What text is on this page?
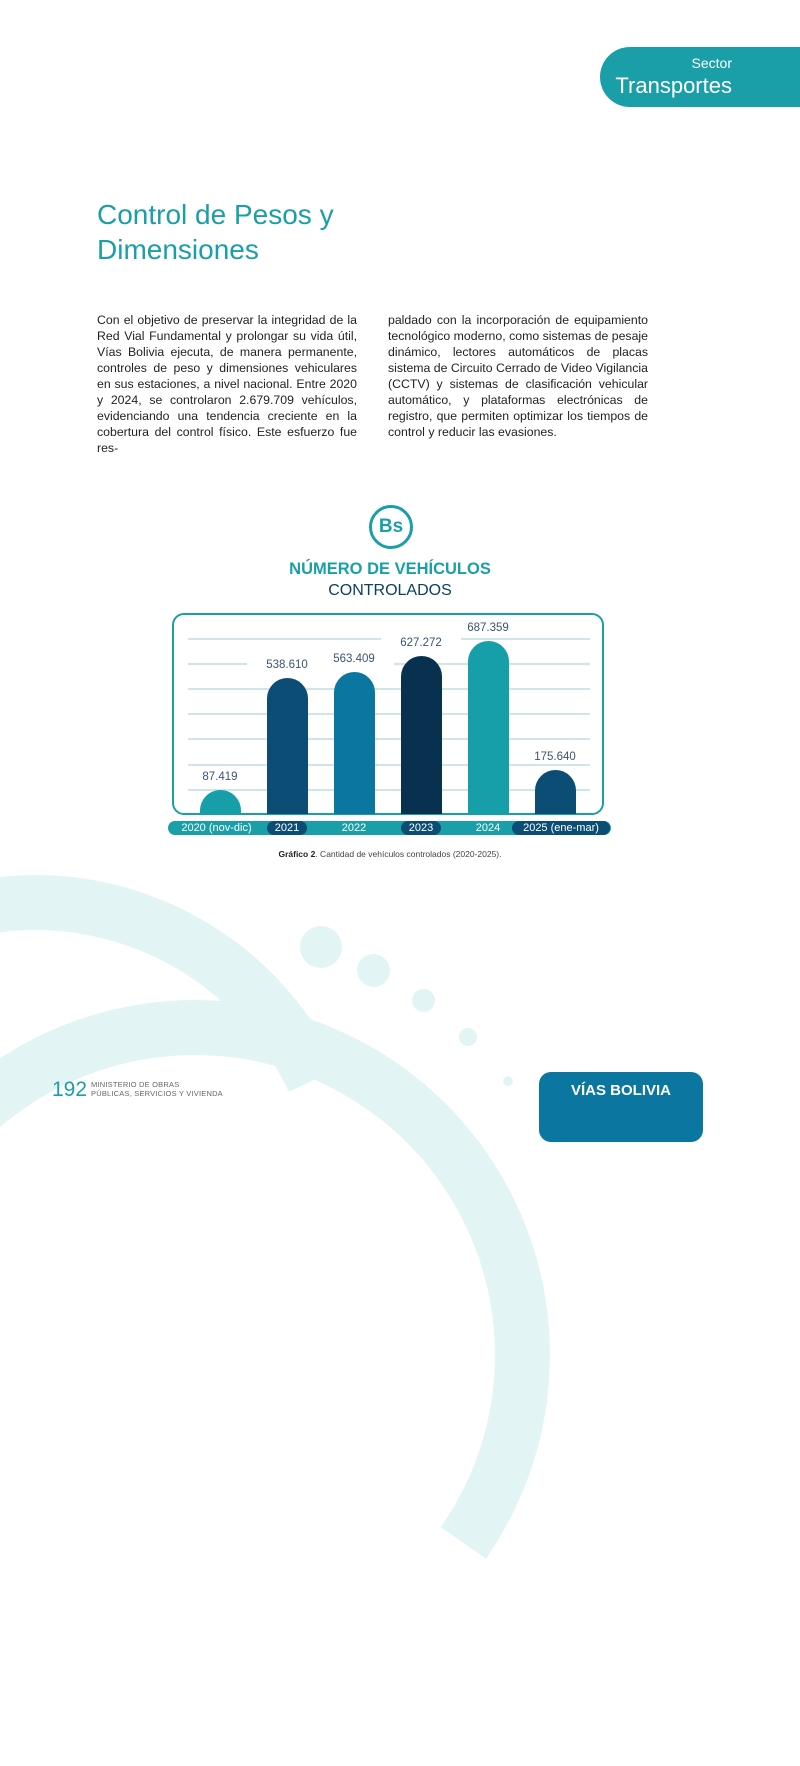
Sector
Transportes
Control de Pesos y Dimensiones

Con el objetivo de preservar la integridad de la Red Vial Fundamental y prolongar su vida útil, Vías Bolivia ejecuta, de manera permanente, controles de peso y dimensiones vehiculares en sus estaciones, a nivel nacional. Entre 2020 y 2024, se controlaron 2.679.709 vehículos, evidenciando una tendencia creciente en la cobertura del control físico. Este esfuerzo fue res-

paldado con la incorporación de equipamiento tecnológico moderno, como sistemas de pesaje dinámico, lectores automáticos de placas sistema de Circuito Cerrado de Video Vigilancia (CCTV) y sistemas de clasificación vehicular automático, y plataformas electrónicas de registro, que permiten optimizar los tiempos de control y reducir las evasiones.

Bs
NÚMERO DE VEHÍCULOS
CONTROLADOS
87.419
538.610
563.409
627.272
687.359
175.640
2020 (nov-dic)	2021	2022	2023	2024	2025 (ene-mar)
Gráfico 2. Cantidad de vehículos controlados (2020-2025).
192 MINISTERIO DE OBRAS
PÚBLICAS, SERVICIOS Y VIVIENDA	VÍAS BOLIVIA
